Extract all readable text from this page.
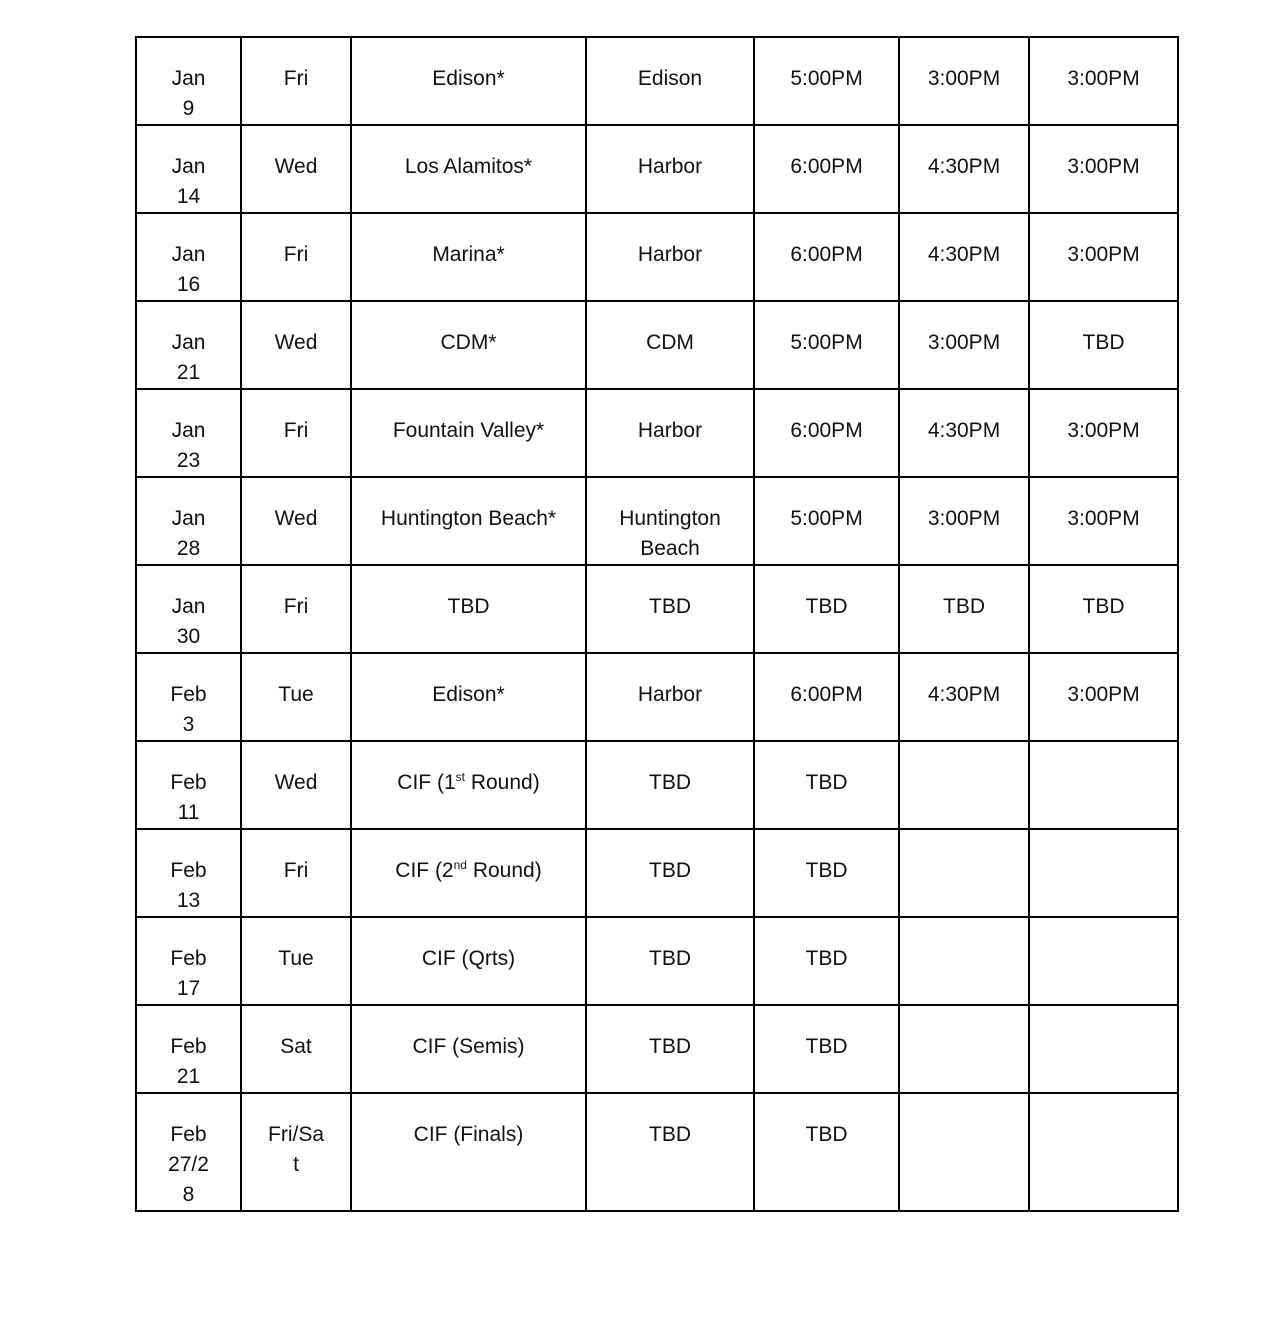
Jan 9	Fri	Edison*	Edison	5:00PM	3:00PM	3:00PM
Jan 14	Wed	Los Alamitos*	Harbor	6:00PM	4:30PM	3:00PM
Jan 16	Fri	Marina*	Harbor	6:00PM	4:30PM	3:00PM
Jan 21	Wed	CDM*	CDM	5:00PM	3:00PM	TBD
Jan 23	Fri	Fountain Valley*	Harbor	6:00PM	4:30PM	3:00PM
Jan 28	Wed	Huntington Beach*	Huntington Beach	5:00PM	3:00PM	3:00PM
Jan 30	Fri	TBD	TBD	TBD	TBD	TBD
Feb 3	Tue	Edison*	Harbor	6:00PM	4:30PM	3:00PM
Feb 11	Wed	CIF (1st Round)	TBD	TBD		
Feb 13	Fri	CIF (2nd Round)	TBD	TBD		
Feb 17	Tue	CIF (Qrts)	TBD	TBD		
Feb 21	Sat	CIF (Semis)	TBD	TBD		
Feb 27/28	Fri/Sat	CIF (Finals)	TBD	TBD		
